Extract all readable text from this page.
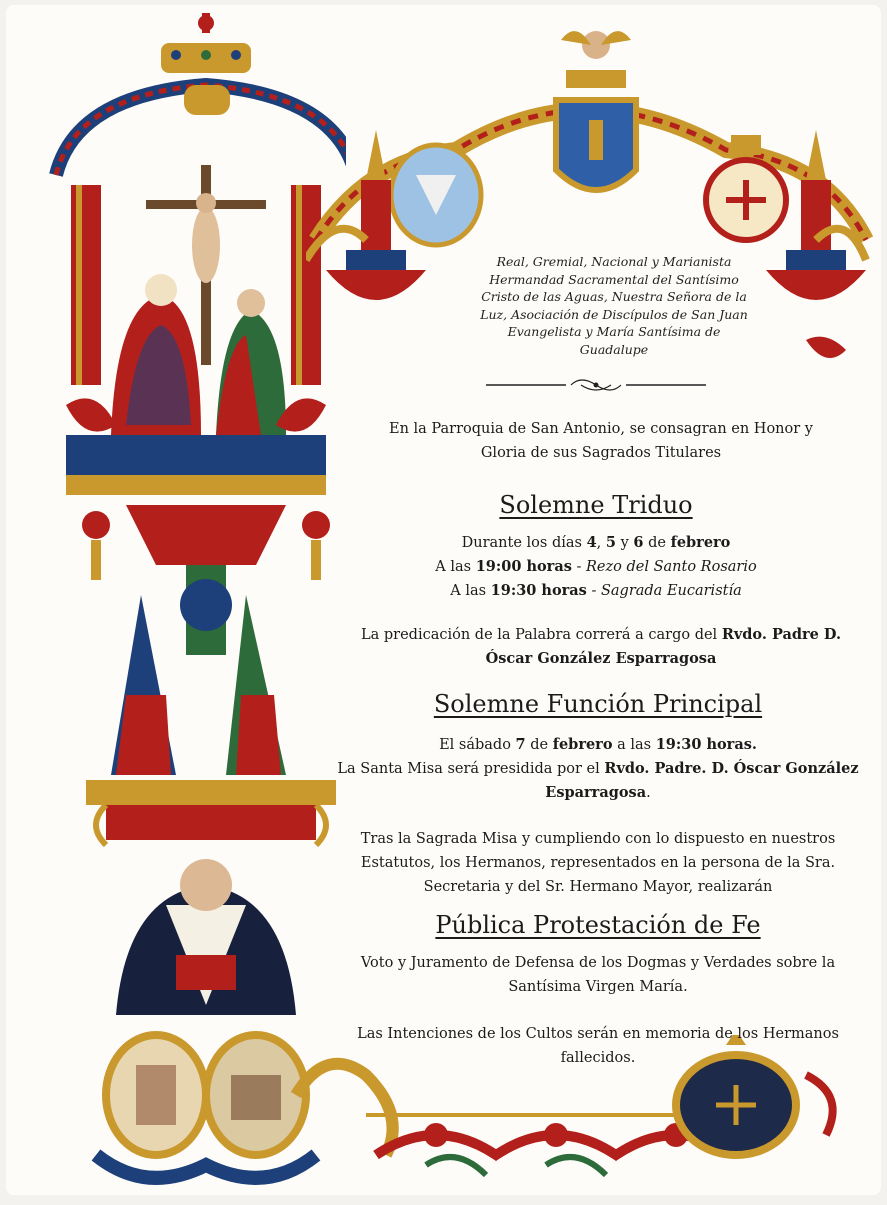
Real, Gremial, Nacional y Marianista
Hermandad Sacramental del Santísimo
Cristo de las Aguas, Nuestra Señora de la
Luz, Asociación de Discípulos de San Juan
Evangelista y María Santísima de
Guadalupe
En la Parroquia de San Antonio, se consagran en Honor y
Gloria de sus Sagrados Titulares
Solemne Triduo
Durante los días 4, 5 y 6 de febrero
A las 19:00 horas - Rezo del Santo Rosario
A las 19:30 horas - Sagrada Eucaristía
La predicación de la Palabra correrá a cargo del Rvdo. Padre D.
Óscar González Esparragosa
Solemne Función Principal
El sábado 7 de febrero a las 19:30 horas.
La Santa Misa será presidida por el Rvdo. Padre. D. Óscar González
Esparragosa.
Tras la Sagrada Misa y cumpliendo con lo dispuesto en nuestros
Estatutos, los Hermanos, representados en la persona de la Sra.
Secretaria y del Sr. Hermano Mayor, realizarán
Pública Protestación de Fe
Voto y Juramento de Defensa de los Dogmas y Verdades sobre la
Santísima Virgen María.
Las Intenciones de los Cultos serán en memoria de los Hermanos
fallecidos.
